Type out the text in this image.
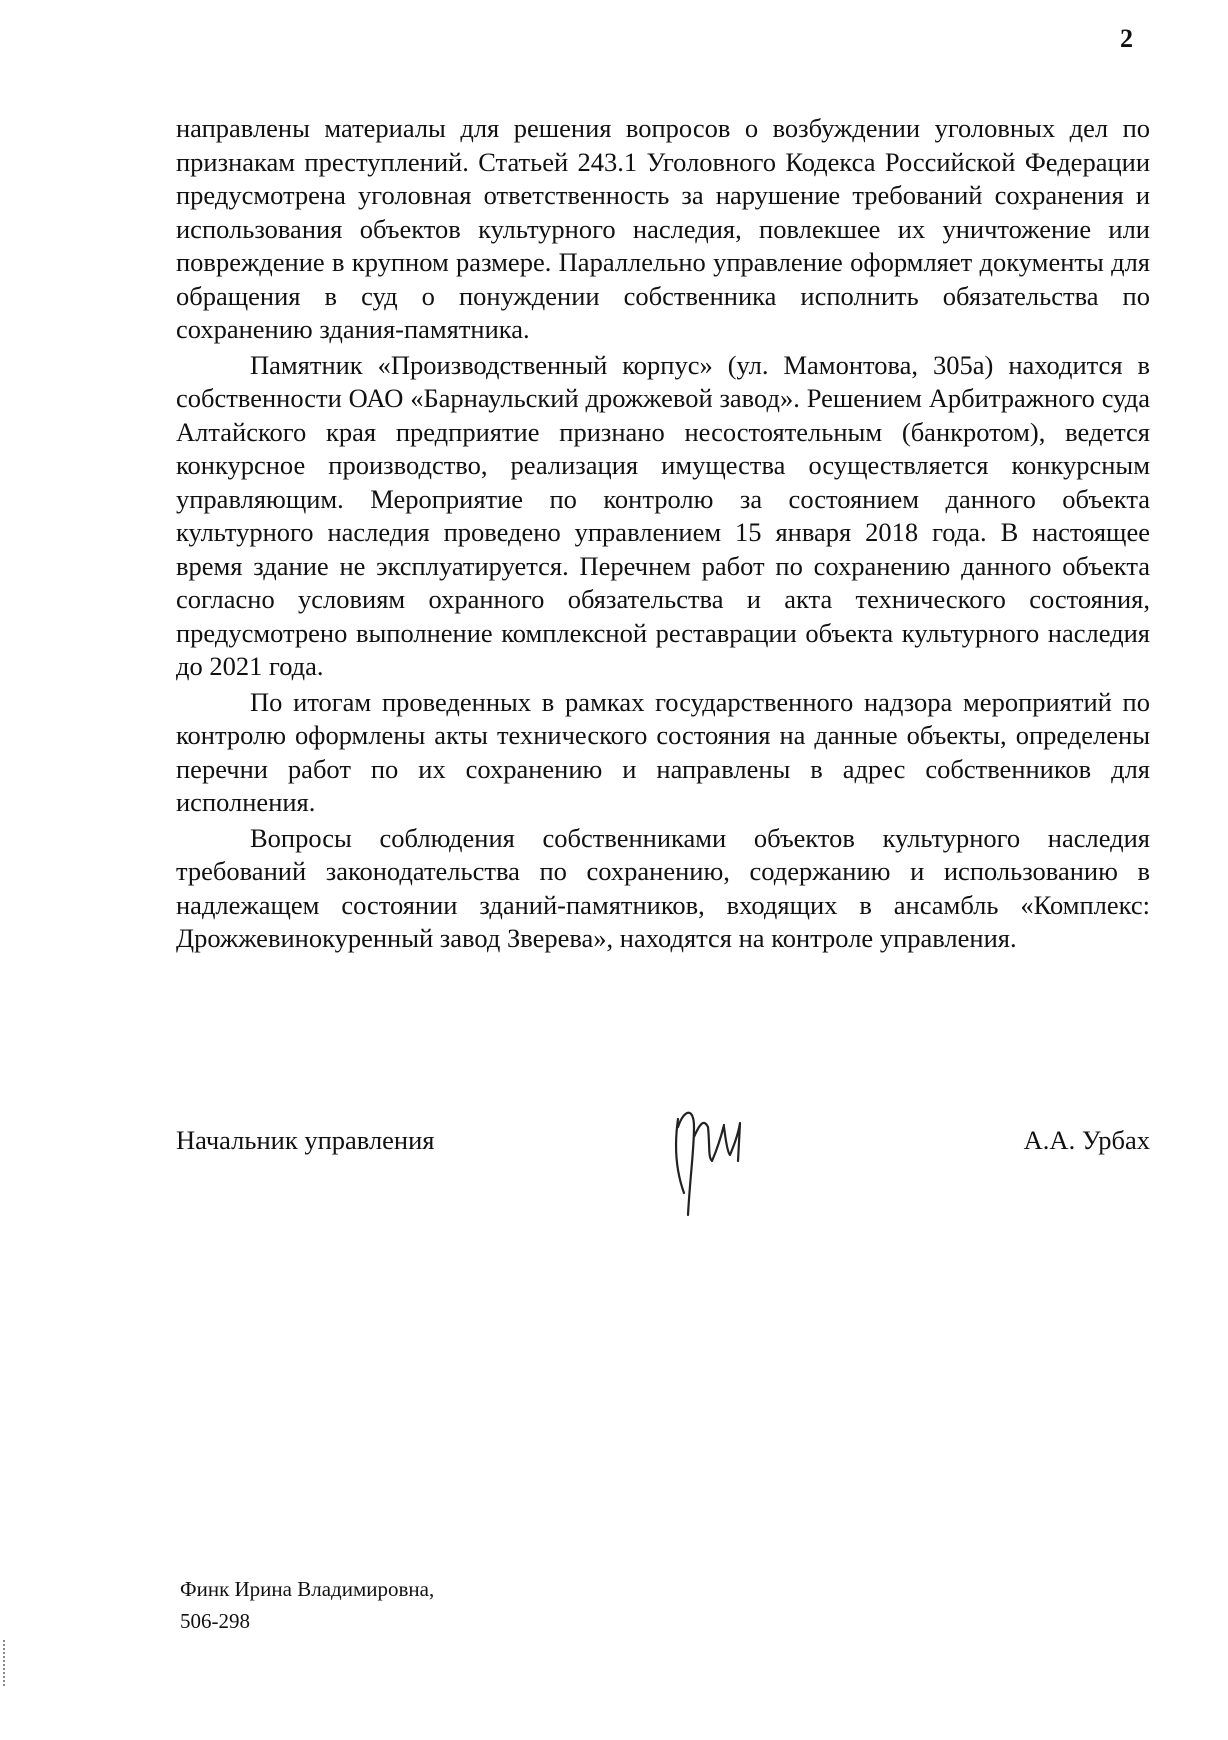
2

направлены материалы для решения вопросов о возбуждении уголовных дел по признакам преступлений. Статьей 243.1 Уголовного Кодекса Российской Федерации предусмотрена уголовная ответственность за нарушение требований сохранения и использования объектов культурного наследия, повлекшее их уничтожение или повреждение в крупном размере. Параллельно управление оформляет документы для обращения в суд о понуждении собственника исполнить обязательства по сохранению здания-памятника.

Памятник «Производственный корпус» (ул. Мамонтова, 305а) находится в собственности ОАО «Барнаульский дрожжевой завод». Решением Арбитражного суда Алтайского края предприятие признано несостоятельным (банкротом), ведется конкурсное производство, реализация имущества осуществляется конкурсным управляющим. Мероприятие по контролю за состоянием данного объекта культурного наследия проведено управлением 15 января 2018 года. В настоящее время здание не эксплуатируется. Перечнем работ по сохранению данного объекта согласно условиям охранного обязательства и акта технического состояния, предусмотрено выполнение комплексной реставрации объекта культурного наследия до 2021 года.

По итогам проведенных в рамках государственного надзора мероприятий по контролю оформлены акты технического состояния на данные объекты, определены перечни работ по их сохранению и направлены в адрес собственников для исполнения.

Вопросы соблюдения собственниками объектов культурного наследия требований законодательства по сохранению, содержанию и использованию в надлежащем состоянии зданий-памятников, входящих в ансамбль «Комплекс: Дрожжевинокуренный завод Зверева», находятся на контроле управления.

Начальник управления	А.А. Урбах
Финк Ирина Владимировна,
506-298
